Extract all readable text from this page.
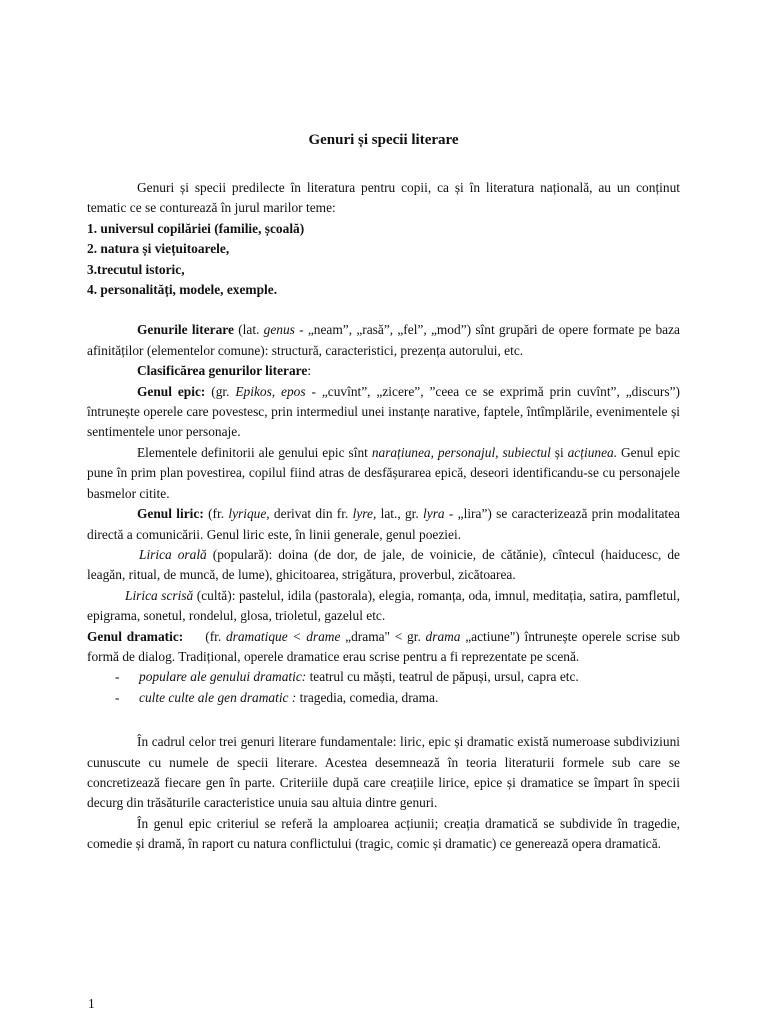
Genuri și specii literare

Genuri și specii predilecte în literatura pentru copii, ca și în literatura națională, au un conținut tematic ce se conturează în jurul marilor teme:

1. universul copilăriei (familie, școală)

2. natura și viețuitoarele,

3.trecutul istoric,

4. personalități, modele, exemple.

Genurile literare (lat. genus - „neam”, „rasă”, „fel”, „mod”) sînt grupări de opere formate pe baza afinităților (elementelor comune): structură, caracteristici, prezența autorului, etc.

Clasificărea genurilor literare:

Genul epic: (gr. Epikos, epos - „cuvînt”, „zicere”, ”ceea ce se exprimă prin cuvînt”, „discurs”) întrunește operele care povestesc, prin intermediul unei instanțe narative, faptele, întîmplările, evenimentele și sentimentele unor personaje.

Elementele definitorii ale genului epic sînt narațiunea, personajul, subiectul și acțiunea. Genul epic pune în prim plan povestirea, copilul fiind atras de desfășurarea epică, deseori identificandu-se cu personajele basmelor citite.

Genul liric: (fr. lyrique, derivat din fr. lyre, lat., gr. lyra - „lira”) se caracterizează prin modalitatea directă a comunicării. Genul liric este, în linii generale, genul poeziei.

Lirica orală (populară): doina (de dor, de jale, de voinicie, de cătănie), cîntecul (haiducesc, de leagăn, ritual, de muncă, de lume), ghicitoarea, strigătura, proverbul, zicătoarea.

Lirica scrisă (cultă): pastelul, idila (pastorala), elegia, romanța, oda, imnul, meditația, satira, pamfletul, epigrama, sonetul, rondelul, glosa, trioletul, gazelul etc.

Genul dramatic: (fr. dramatique < drame „drama" < gr. drama „actiune") întrunește operele scrise sub formă de dialog. Tradițional, operele dramatice erau scrise pentru a fi reprezentate pe scenă.

- populare ale genului dramatic: teatrul cu măști, teatrul de păpuși, ursul, capra etc.
- culte culte ale gen dramatic : tragedia, comedia, drama.

În cadrul celor trei genuri literare fundamentale: liric, epic și dramatic există numeroase subdiviziuni cunuscute cu numele de specii literare. Acestea desemnează în teoria literaturii formele sub care se concretizează fiecare gen în parte. Criteriile după care creațiile lirice, epice și dramatice se împart în specii decurg din trăsăturile caracteristice unuia sau altuia dintre genuri.

În genul epic criteriul se referă la amploarea acțiunii; creația dramatică se subdivide în tragedie, comedie și dramă, în raport cu natura conflictului (tragic, comic și dramatic) ce generează opera dramatică.

1
